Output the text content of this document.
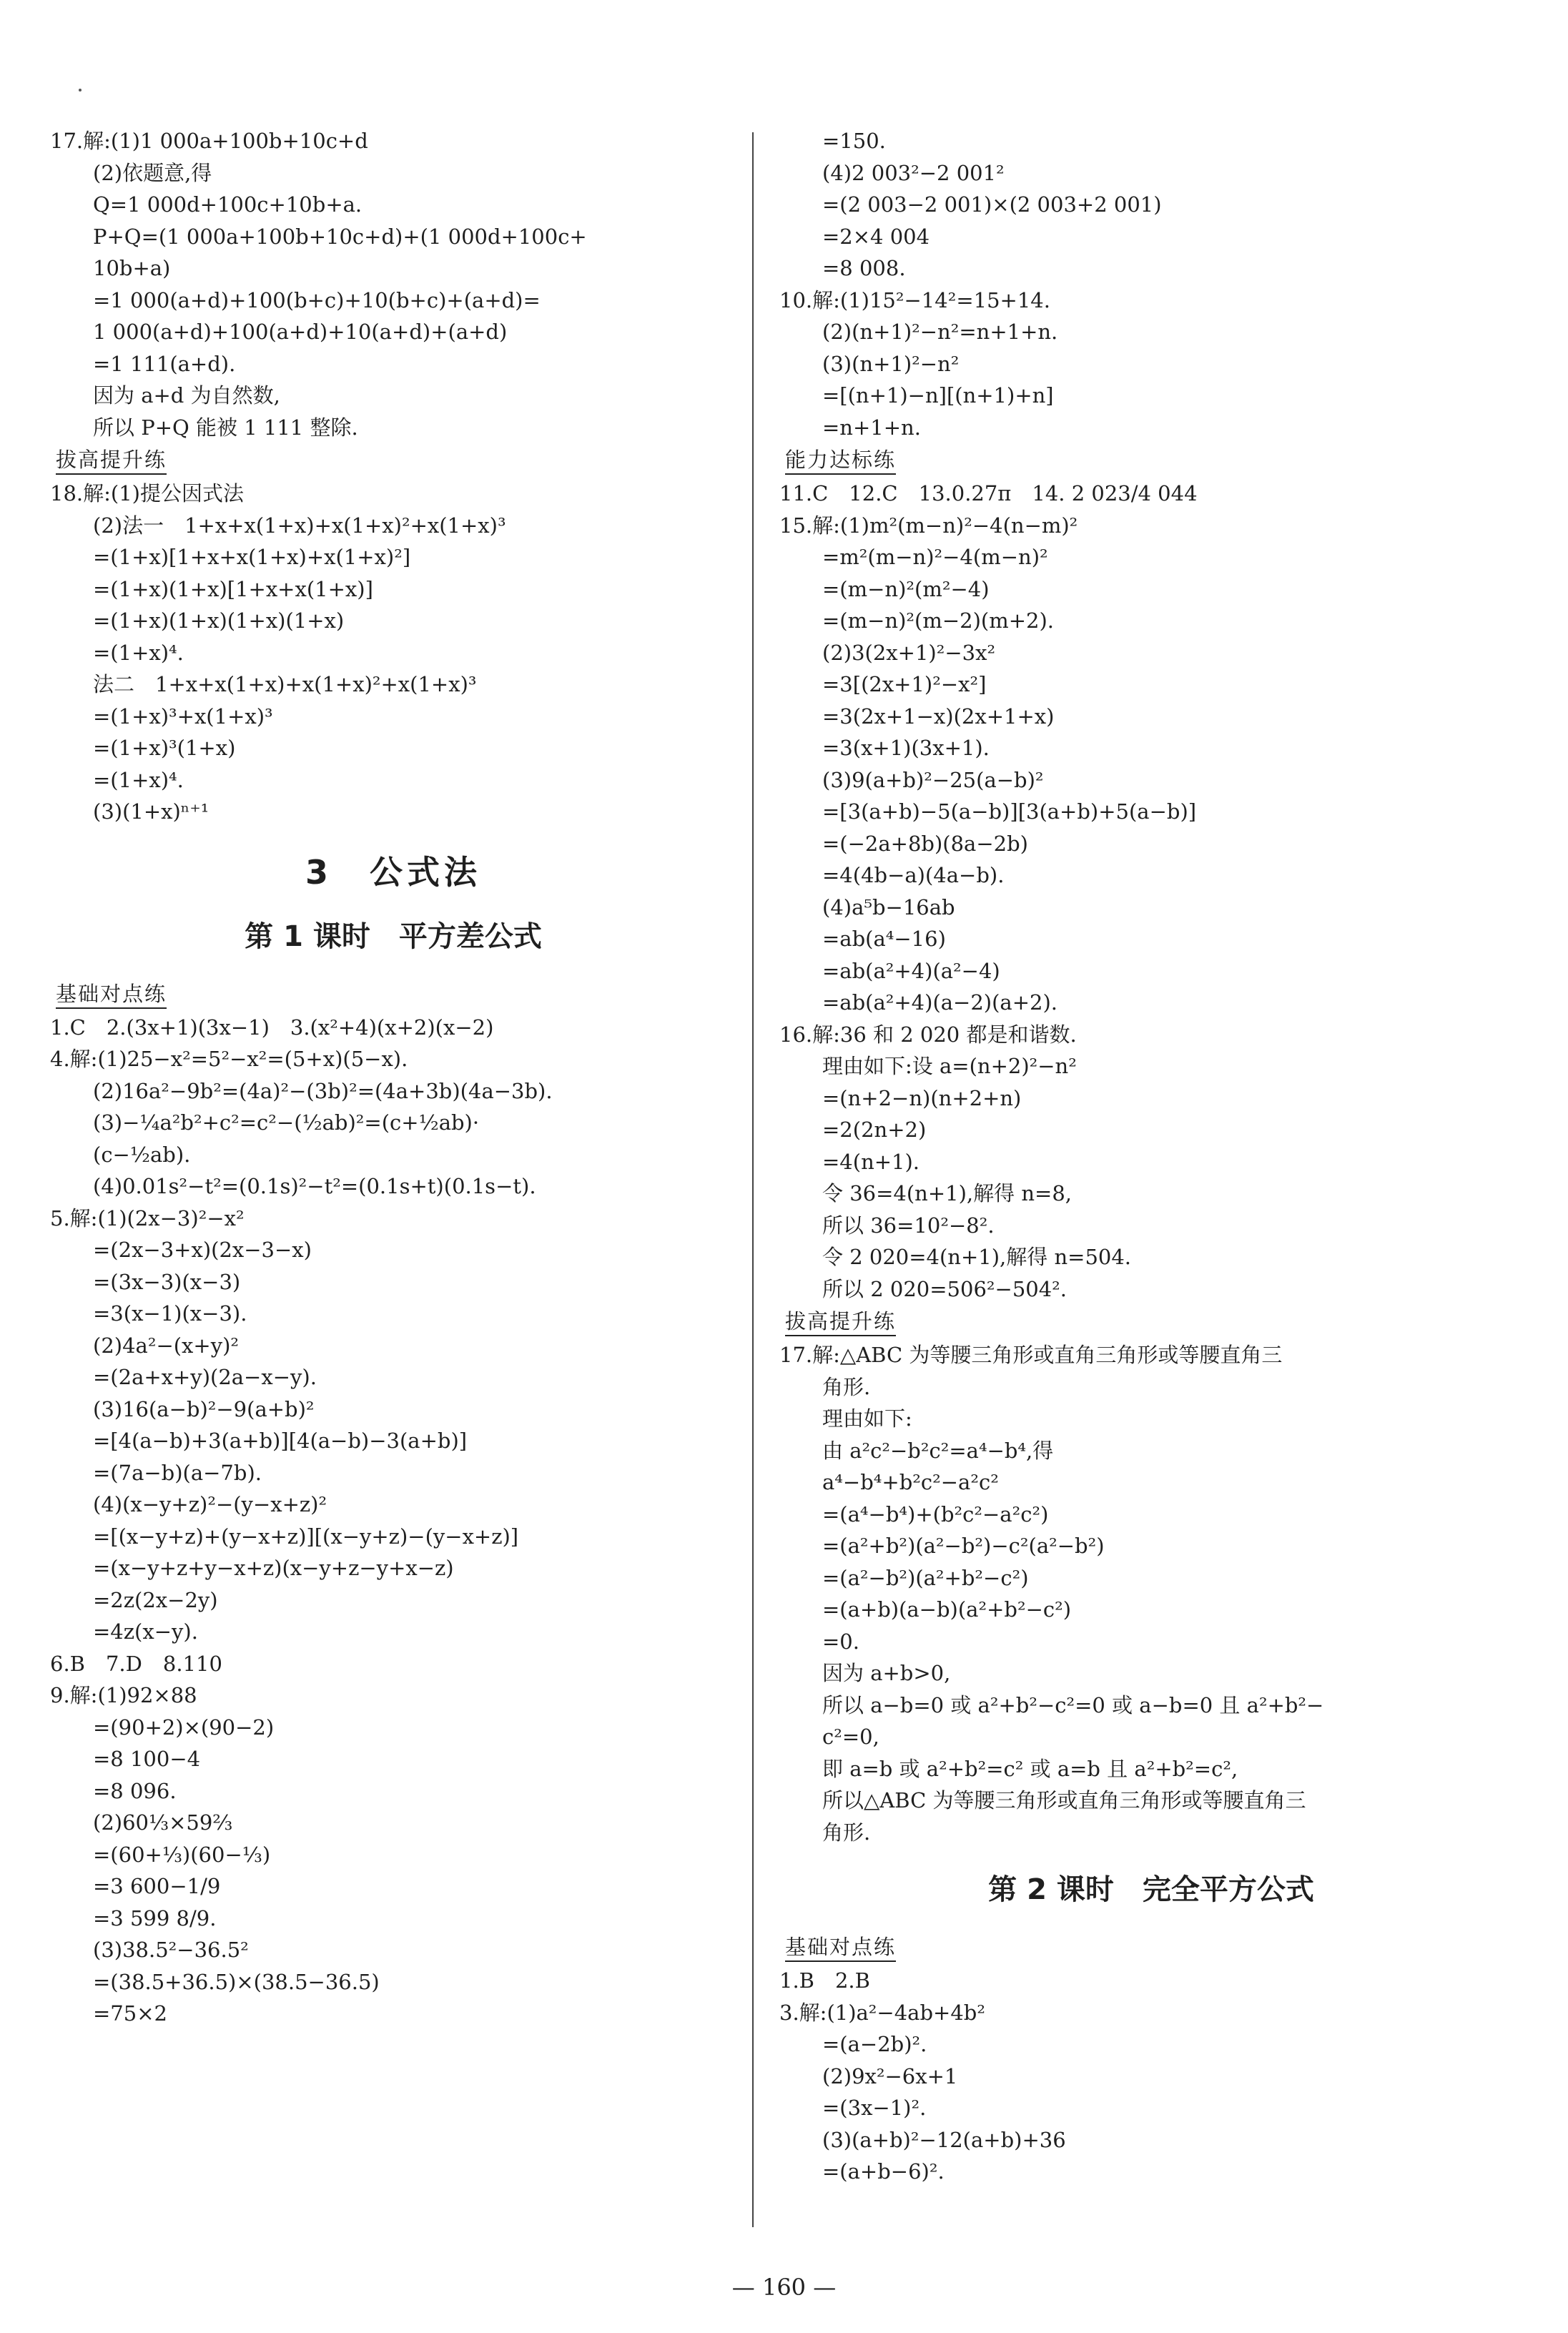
17.解:(1)1 000a+100b+10c+d
(2)依题意,得
Q=1 000d+100c+10b+a.
P+Q=(1 000a+100b+10c+d)+(1 000d+100c+
10b+a)
=1 000(a+d)+100(b+c)+10(b+c)+(a+d)=
1 000(a+d)+100(a+d)+10(a+d)+(a+d)
=1 111(a+d).
因为 a+d 为自然数,
所以 P+Q 能被 1 111 整除.
拔高提升练
18.解:(1)提公因式法
(2)法一　1+x+x(1+x)+x(1+x)²+x(1+x)³
=(1+x)[1+x+x(1+x)+x(1+x)²]
=(1+x)(1+x)[1+x+x(1+x)]
=(1+x)(1+x)(1+x)(1+x)
=(1+x)⁴.
法二　1+x+x(1+x)+x(1+x)²+x(1+x)³
=(1+x)³+x(1+x)³
=(1+x)³(1+x)
=(1+x)⁴.
(3)(1+x)ⁿ⁺¹
3　公式法
第 1 课时　平方差公式
基础对点练
1.C　2.(3x+1)(3x−1)　3.(x²+4)(x+2)(x−2)
4.解:(1)25−x²=5²−x²=(5+x)(5−x).
(2)16a²−9b²=(4a)²−(3b)²=(4a+3b)(4a−3b).
(3)−¼a²b²+c²=c²−(½ab)²=(c+½ab)·
(c−½ab).
(4)0.01s²−t²=(0.1s)²−t²=(0.1s+t)(0.1s−t).
5.解:(1)(2x−3)²−x²
=(2x−3+x)(2x−3−x)
=(3x−3)(x−3)
=3(x−1)(x−3).
(2)4a²−(x+y)²
=(2a+x+y)(2a−x−y).
(3)16(a−b)²−9(a+b)²
=[4(a−b)+3(a+b)][4(a−b)−3(a+b)]
=(7a−b)(a−7b).
(4)(x−y+z)²−(y−x+z)²
=[(x−y+z)+(y−x+z)][(x−y+z)−(y−x+z)]
=(x−y+z+y−x+z)(x−y+z−y+x−z)
=2z(2x−2y)
=4z(x−y).
6.B　7.D　8.110
9.解:(1)92×88
=(90+2)×(90−2)
=8 100−4
=8 096.
(2)60⅓×59⅔
=(60+⅓)(60−⅓)
=3 600−1/9
=3 599 8/9.
(3)38.5²−36.5²
=(38.5+36.5)×(38.5−36.5)
=75×2
=150.
(4)2 003²−2 001²
=(2 003−2 001)×(2 003+2 001)
=2×4 004
=8 008.
10.解:(1)15²−14²=15+14.
(2)(n+1)²−n²=n+1+n.
(3)(n+1)²−n²
=[(n+1)−n][(n+1)+n]
=n+1+n.
能力达标练
11.C　12.C　13.0.27π　14. 2 023/4 044
15.解:(1)m²(m−n)²−4(n−m)²
=m²(m−n)²−4(m−n)²
=(m−n)²(m²−4)
=(m−n)²(m−2)(m+2).
(2)3(2x+1)²−3x²
=3[(2x+1)²−x²]
=3(2x+1−x)(2x+1+x)
=3(x+1)(3x+1).
(3)9(a+b)²−25(a−b)²
=[3(a+b)−5(a−b)][3(a+b)+5(a−b)]
=(−2a+8b)(8a−2b)
=4(4b−a)(4a−b).
(4)a⁵b−16ab
=ab(a⁴−16)
=ab(a²+4)(a²−4)
=ab(a²+4)(a−2)(a+2).
16.解:36 和 2 020 都是和谐数.
理由如下:设 a=(n+2)²−n²
=(n+2−n)(n+2+n)
=2(2n+2)
=4(n+1).
令 36=4(n+1),解得 n=8,
所以 36=10²−8².
令 2 020=4(n+1),解得 n=504.
所以 2 020=506²−504².
拔高提升练
17.解:△ABC 为等腰三角形或直角三角形或等腰直角三
角形.
理由如下:
由 a²c²−b²c²=a⁴−b⁴,得
a⁴−b⁴+b²c²−a²c²
=(a⁴−b⁴)+(b²c²−a²c²)
=(a²+b²)(a²−b²)−c²(a²−b²)
=(a²−b²)(a²+b²−c²)
=(a+b)(a−b)(a²+b²−c²)
=0.
因为 a+b>0,
所以 a−b=0 或 a²+b²−c²=0 或 a−b=0 且 a²+b²−
c²=0,
即 a=b 或 a²+b²=c² 或 a=b 且 a²+b²=c²,
所以△ABC 为等腰三角形或直角三角形或等腰直角三
角形.
第 2 课时　完全平方公式
基础对点练
1.B　2.B
3.解:(1)a²−4ab+4b²
=(a−2b)².
(2)9x²−6x+1
=(3x−1)².
(3)(a+b)²−12(a+b)+36
=(a+b−6)².
— 160 —
